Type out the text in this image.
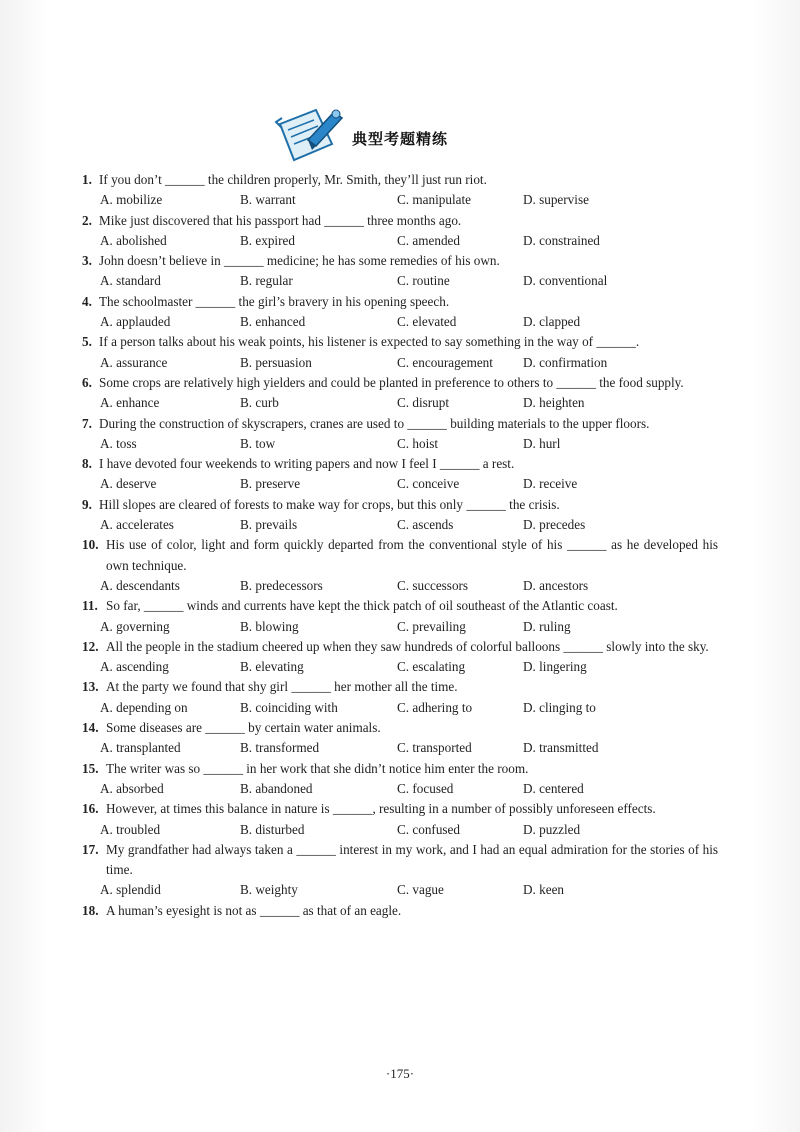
典型考题精练
1. If you don’t ______ the children properly, Mr. Smith, they’ll just run riot.
A. mobilize	B. warrant	C. manipulate	D. supervise
2. Mike just discovered that his passport had ______ three months ago.
A. abolished	B. expired	C. amended	D. constrained
3. John doesn’t believe in ______ medicine; he has some remedies of his own.
A. standard	B. regular	C. routine	D. conventional
4. The schoolmaster ______ the girl’s bravery in his opening speech.
A. applauded	B. enhanced	C. elevated	D. clapped
5. If a person talks about his weak points, his listener is expected to say something in the way of ______.
A. assurance	B. persuasion	C. encouragement	D. confirmation
6. Some crops are relatively high yielders and could be planted in preference to others to ______ the food supply.
A. enhance	B. curb	C. disrupt	D. heighten
7. During the construction of skyscrapers, cranes are used to ______ building materials to the upper floors.
A. toss	B. tow	C. hoist	D. hurl
8. I have devoted four weekends to writing papers and now I feel I ______ a rest.
A. deserve	B. preserve	C. conceive	D. receive
9. Hill slopes are cleared of forests to make way for crops, but this only ______ the crisis.
A. accelerates	B. prevails	C. ascends	D. precedes
10. His use of color, light and form quickly departed from the conventional style of his ______ as he developed his own technique.
A. descendants	B. predecessors	C. successors	D. ancestors
11. So far, ______ winds and currents have kept the thick patch of oil southeast of the Atlantic coast.
A. governing	B. blowing	C. prevailing	D. ruling
12. All the people in the stadium cheered up when they saw hundreds of colorful balloons ______ slowly into the sky.
A. ascending	B. elevating	C. escalating	D. lingering
13. At the party we found that shy girl ______ her mother all the time.
A. depending on	B. coinciding with	C. adhering to	D. clinging to
14. Some diseases are ______ by certain water animals.
A. transplanted	B. transformed	C. transported	D. transmitted
15. The writer was so ______ in her work that she didn’t notice him enter the room.
A. absorbed	B. abandoned	C. focused	D. centered
16. However, at times this balance in nature is ______, resulting in a number of possibly unforeseen effects.
A. troubled	B. disturbed	C. confused	D. puzzled
17. My grandfather had always taken a ______ interest in my work, and I had an equal admiration for the stories of his time.
A. splendid	B. weighty	C. vague	D. keen
18. A human’s eyesight is not as ______ as that of an eagle.
·175·
